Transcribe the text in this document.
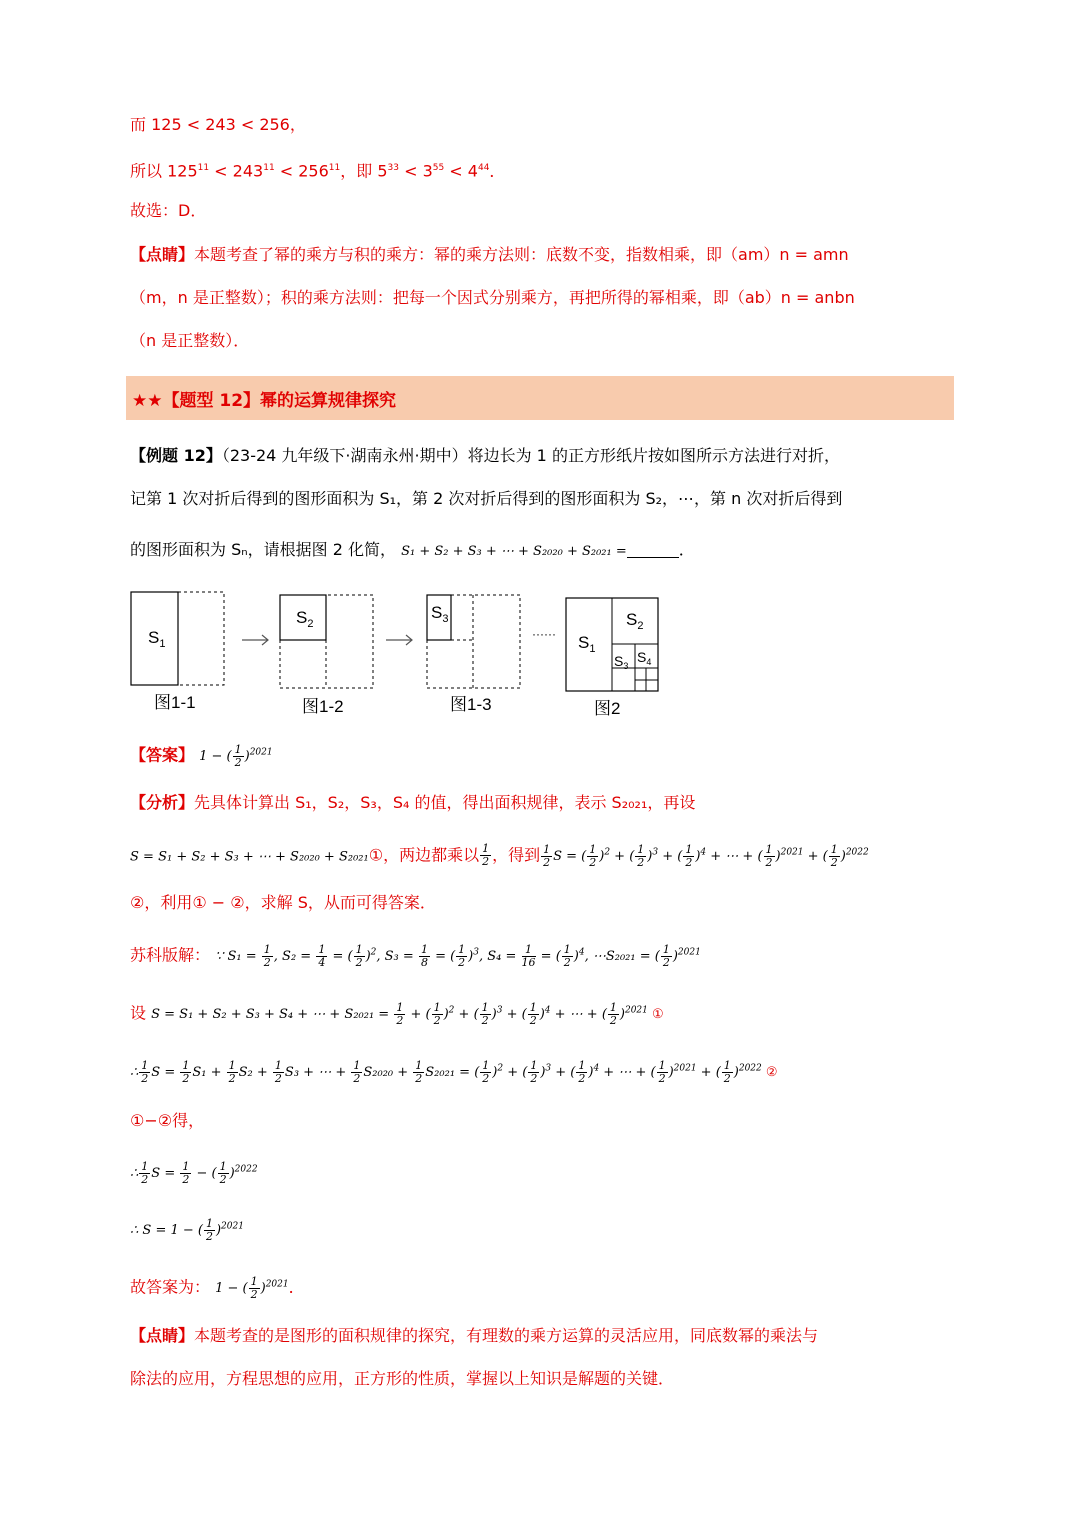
而 125 < 243 < 256，
所以 $125^{11} < 243^{11} < 256^{11}$，即 $5^{33} < 3^{55} < 4^{44}$．
故选：D．
【点睛】本题考查了幂的乘方与积的乘方：幂的乘方法则：底数不变，指数相乘，即（am）n = amn
（m，n 是正整数）；积的乘方法则：把每一个因式分别乘方，再把所得的幂相乘，即（ab）n = anbn
（n 是正整数）．
★★【题型 12】幂的运算规律探究
【例题 12】（23-24 九年级下·湖南永州·期中）将边长为 1 的正方形纸片按如图所示方法进行对折，
记第 1 次对折后得到的图形面积为 S₁，第 2 次对折后得到的图形面积为 S₂，⋯，第 n 次对折后得到
的图形面积为 Sₙ，请根据图 2 化简， S₁ + S₂ + S₃ + ⋯ + S₂₀₂₀ + S₂₀₂₁ =	．
$S_1$
$S_2$
$S_3$
······ $S_1$
$S_2$
$S_3$
$S_4$
图1-1	图1-2	图1-3	图2
【答案】 1 − ( $\frac{1}{2} )^{2021}$
【分析】先具体计算出 S₁，S₂，S₃，S₄ 的值，得出面积规律，表示 S₂₀₂₁，再设
S = S₁ + S₂ + S₃ + ⋯ + S₂₀₂₀ + S₂₀₂₁①，两边都乘以 $\frac{1}{2}$ ，得到 $\frac{1}{2}$ S = ( $\frac{1}{2} )^2$ + ( $\frac{1}{2} )^3$ + ( $\frac{1}{2} )^4$ + ⋯ + ( $\frac{1}{2} )^{2021}$ + ( $\frac{1}{2} )^{2022}$
②，利用① − ②，求解 S，从而可得答案．
苏科版解： ∵ $S_1 = \frac{1}{2}$ , $S_2 = \frac{1}{4}$ = ( $\frac{1}{2} )^2$, $S_3 = \frac{1}{8}$ = ( $\frac{1}{2} )^3$, $S_4 = \frac{1}{16}$ = ( $\frac{1}{2} )^4$, ⋯S₂₀₂₁ = ( $\frac{1}{2} )^{2021}$
设 S = S₁ + S₂ + S₃ + S₄ + ⋯ + $S_{2021} = \frac{1}{2}$ + ( $\frac{1}{2} )^2$ + ( $\frac{1}{2} )^3$ + ( $\frac{1}{2} )^4$ + ⋯ + ( $\frac{1}{2} )^{2021}$ ①
∴ $\frac{1}{2}$ $S = \frac{1}{2} S_1 + \frac{1}{2} S_2 + \frac{1}{2} S_3$ + ⋯ + $\frac{1}{2} S_{2020} + \frac{1}{2} S_{2021}$ = ( $\frac{1}{2} )^2$ + ( $\frac{1}{2} )^3$ + ( $\frac{1}{2} )^4$ + ⋯ + ( $\frac{1}{2} )^{2021}$ + ( $\frac{1}{2} )^{2022}$ ②
①−②得，
∴ $\frac{1}{2}$ $S = \frac{1}{2}$ − ( $\frac{1}{2} )^{2022}$
∴ S = 1 − ( $\frac{1}{2} )^{2021}$
故答案为： 1 − ( $\frac{1}{2} )^{2021}$．
【点睛】本题考查的是图形的面积规律的探究，有理数的乘方运算的灵活应用，同底数幂的乘法与
除法的应用，方程思想的应用，正方形的性质，掌握以上知识是解题的关键．
